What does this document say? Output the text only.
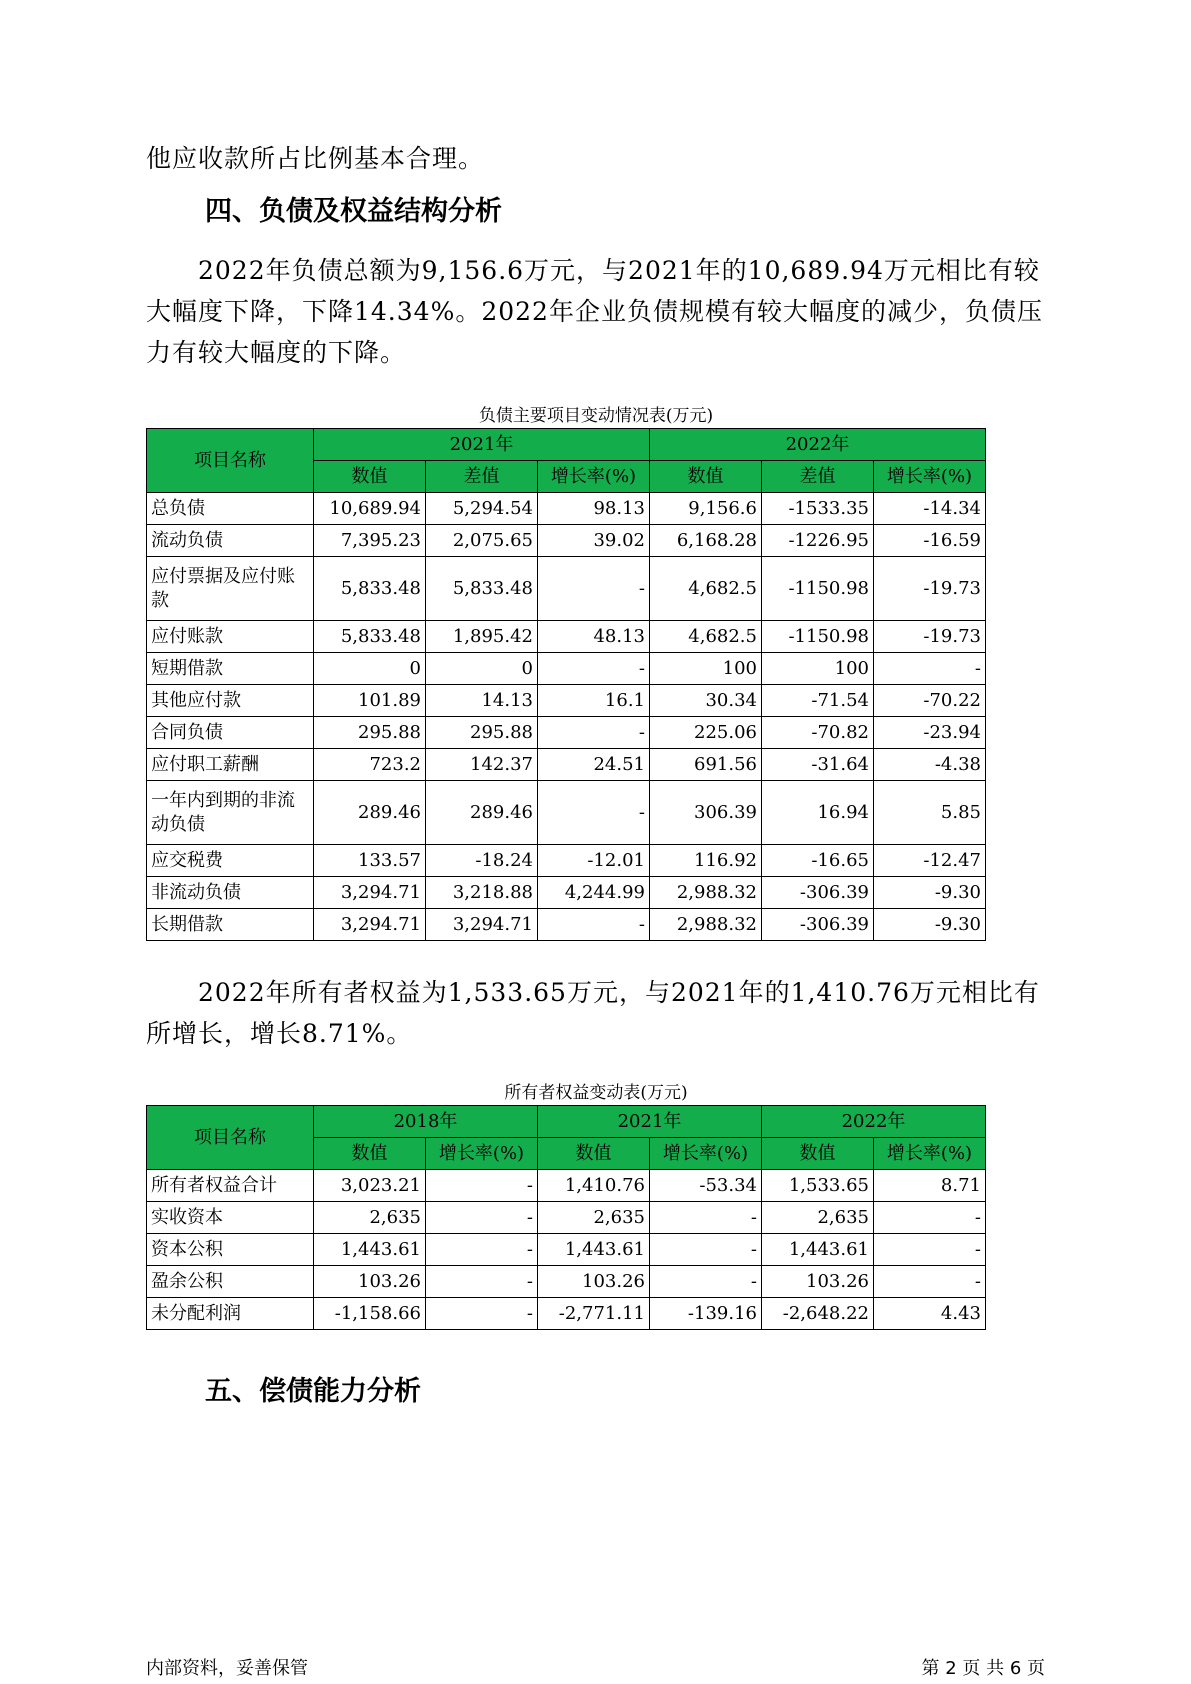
他应收款所占比例基本合理。

四、负债及权益结构分析

2022年负债总额为9,156.6万元，与2021年的10,689.94万元相比有较大幅度下降，下降14.34%。2022年企业负债规模有较大幅度的减少，负债压力有较大幅度的下降。

负债主要项目变动情况表(万元)
项目名称	2021年			2022年		
	数值	差值	增长率(%)	数值	差值	增长率(%)
总负债	10,689.94	5,294.54	98.13	9,156.6	-1533.35	-14.34
流动负债	7,395.23	2,075.65	39.02	6,168.28	-1226.95	-16.59
应付票据及应付账款	5,833.48	5,833.48	-	4,682.5	-1150.98	-19.73
应付账款	5,833.48	1,895.42	48.13	4,682.5	-1150.98	-19.73
短期借款	0	0	-	100	100	-
其他应付款	101.89	14.13	16.1	30.34	-71.54	-70.22
合同负债	295.88	295.88	-	225.06	-70.82	-23.94
应付职工薪酬	723.2	142.37	24.51	691.56	-31.64	-4.38
一年内到期的非流动负债	289.46	289.46	-	306.39	16.94	5.85
应交税费	133.57	-18.24	-12.01	116.92	-16.65	-12.47
非流动负债	3,294.71	3,218.88	4,244.99	2,988.32	-306.39	-9.30
长期借款	3,294.71	3,294.71	-	2,988.32	-306.39	-9.30

2022年所有者权益为1,533.65万元，与2021年的1,410.76万元相比有所增长，增长8.71%。

所有者权益变动表(万元)
项目名称	2018年		2021年		2022年	
	数值	增长率(%)	数值	增长率(%)	数值	增长率(%)
所有者权益合计	3,023.21	-	1,410.76	-53.34	1,533.65	8.71
实收资本	2,635	-	2,635	-	2,635	-
资本公积	1,443.61	-	1,443.61	-	1,443.61	-
盈余公积	103.26	-	103.26	-	103.26	-
未分配利润	-1,158.66	-	-2,771.11	-139.16	-2,648.22	4.43
五、偿债能力分析
内部资料，妥善保管	第 2 页 共 6 页
